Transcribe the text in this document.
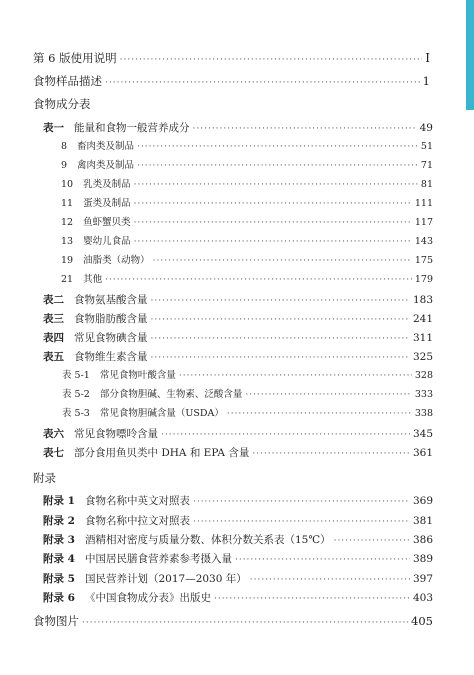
第 6 版使用说明 ·····	Ⅰ
食物样品描述 ·····	1
食物成分表
表一 能量和食物一般营养成分 ·····	49
8 畜肉类及制品 ·····	51
9 禽肉类及制品 ·····	71
10 乳类及制品 ·····	81
11 蛋类及制品 ·····	111
12 鱼虾蟹贝类 ·····	117
13 婴幼儿食品 ·····	143
19 油脂类（动物） ·····	175
21 其他 ·····	179
表二 食物氨基酸含量 ·····	183
表三 食物脂肪酸含量 ·····	241
表四 常见食物碘含量 ·····	311
表五 食物维生素含量 ·····	325
表 5-1 常见食物叶酸含量 ·····	328
表 5-2 部分食物胆碱、生物素、泛酸含量 ·····	333
表 5-3 常见食物胆碱含量（USDA） ·····	338
表六 常见食物嘌呤含量 ·····	345
表七 部分食用鱼贝类中 DHA 和 EPA 含量 ·····	361
附录
附录 1 食物名称中英文对照表 ·····	369
附录 2 食物名称中拉文对照表 ·····	381
附录 3 酒精相对密度与质量分数、体积分数关系表（15℃） ·····	386
附录 4 中国居民膳食营养素参考摄入量 ·····	389
附录 5 国民营养计划（2017—2030 年） ·····	397
附录 6 《中国食物成分表》出版史 ·····	403
食物图片 ·····	405
